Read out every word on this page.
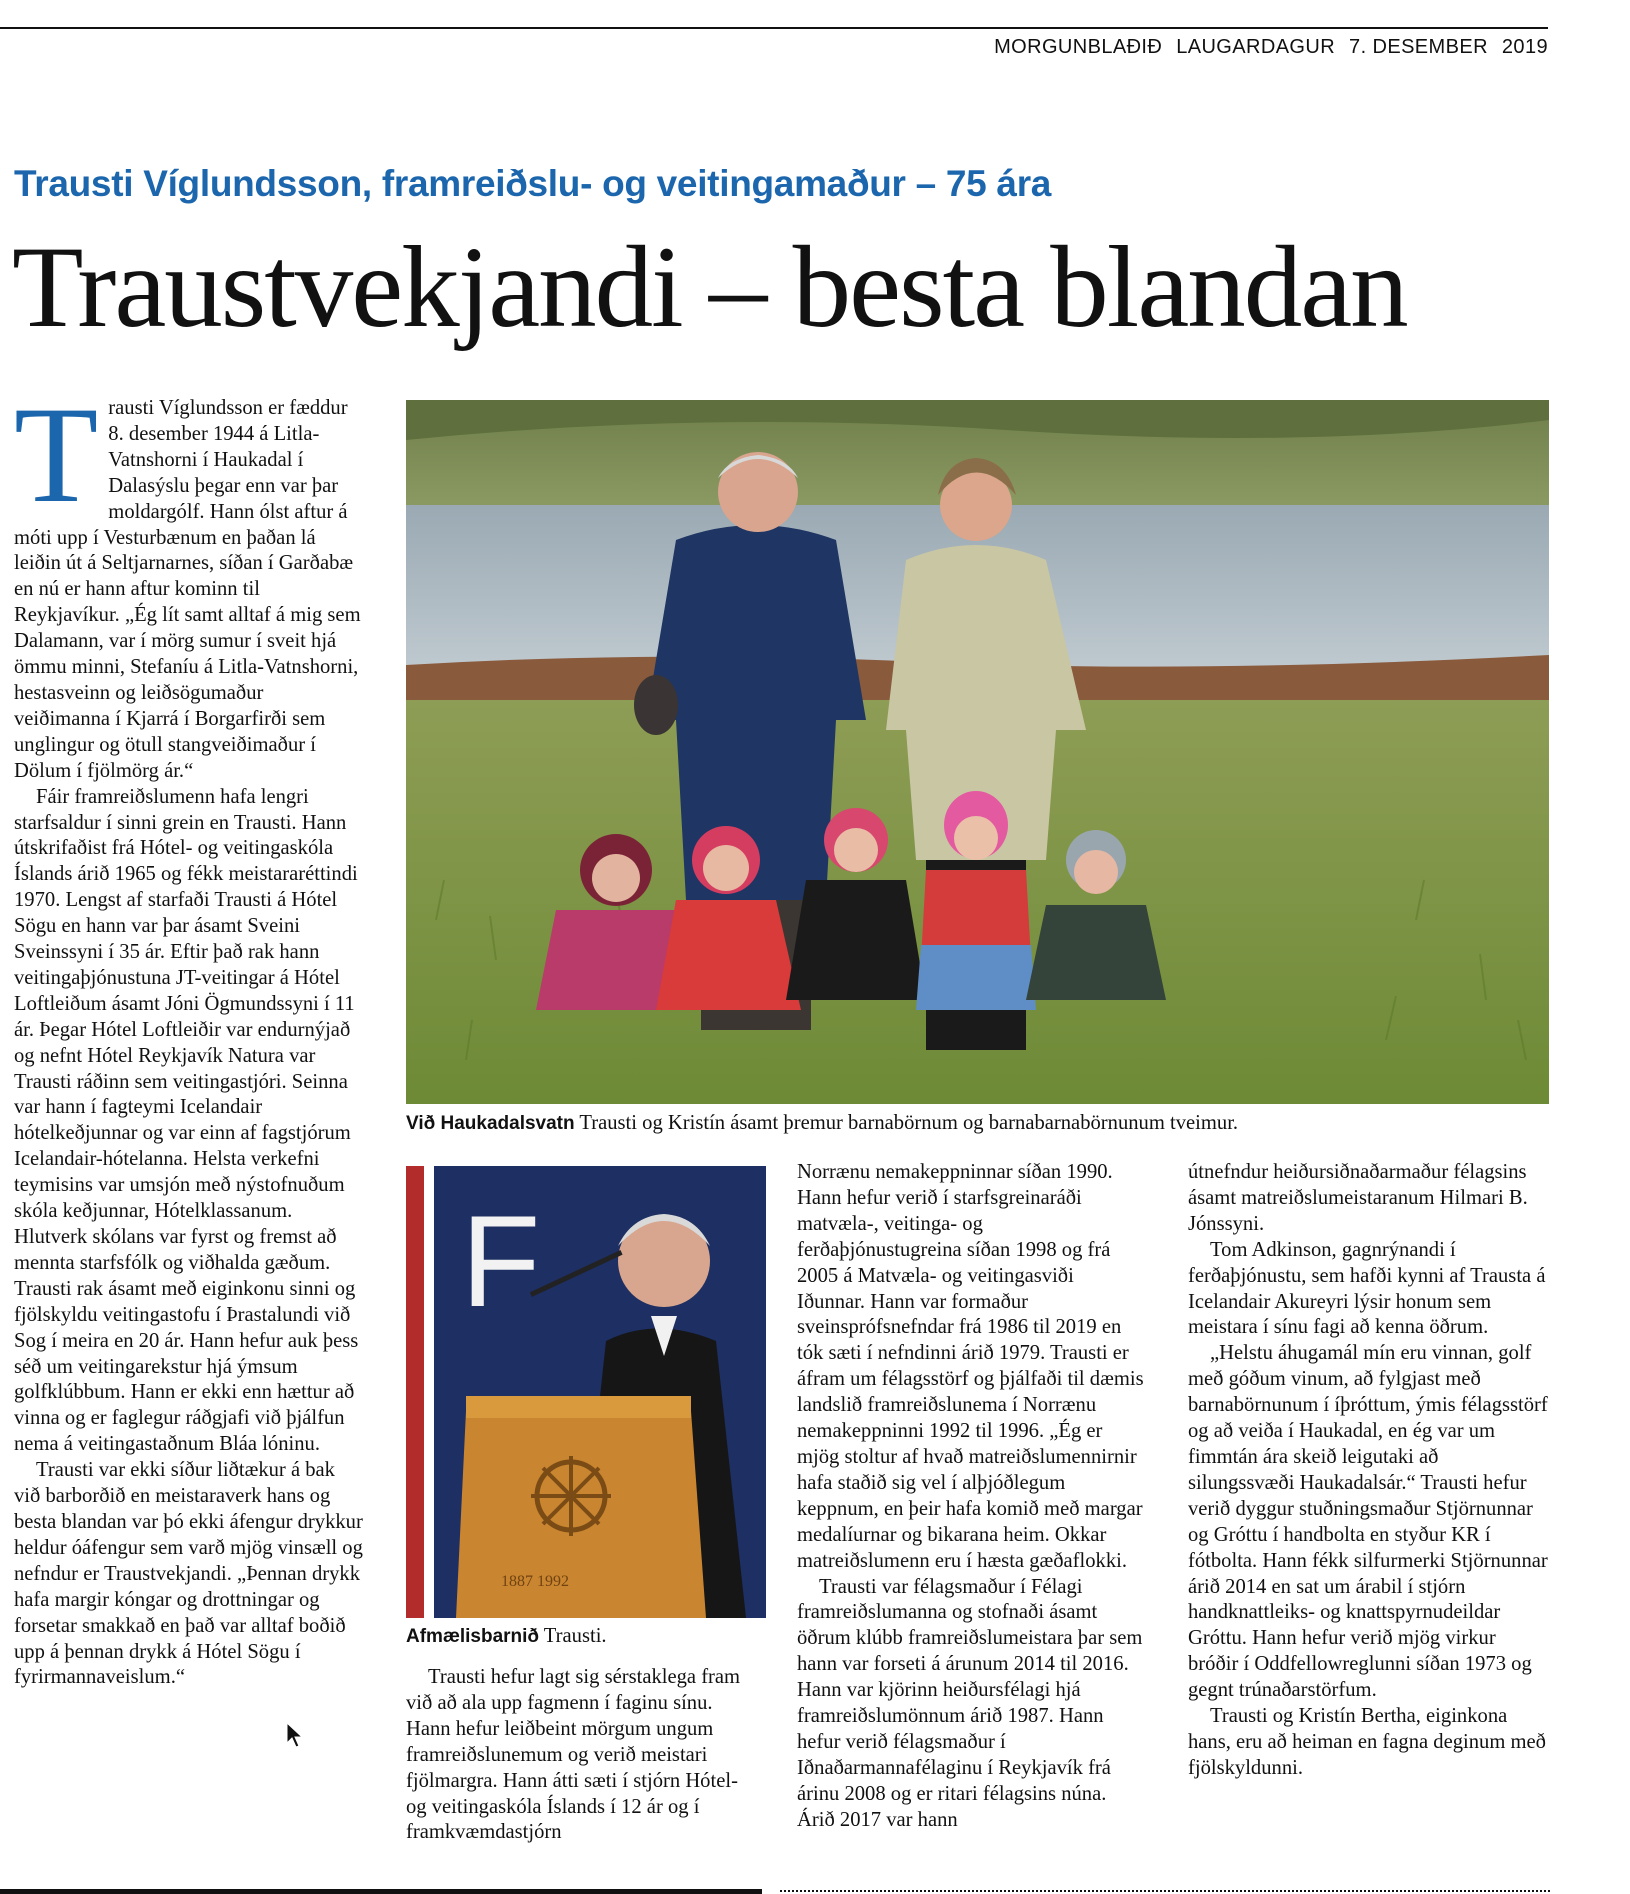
MORGUNBLAÐIÐ LAUGARDAGUR 7. DESEMBER 2019
Trausti Víglundsson, framreiðslu- og veitingamaður – 75 ára
Traustvekjandi – besta blandan

Trausti Víglundsson er fæddur 8. desember 1944 á Litla-Vatnshorni í Haukadal í Dalasýslu þegar enn var þar moldargólf. Hann ólst aftur á móti upp í Vesturbænum en þaðan lá leiðin út á Seltjarnarnes, síðan í Garðabæ en nú er hann aftur kominn til Reykjavíkur. „Ég lít samt alltaf á mig sem Dalamann, var í mörg sumur í sveit hjá ömmu minni, Stefaníu á Litla-Vatnshorni, hestasveinn og leiðsögumaður veiðimanna í Kjarrá í Borgarfirði sem unglingur og ötull stangveiðimaður í Dölum í fjölmörg ár.“

Fáir framreiðslumenn hafa lengri starfsaldur í sinni grein en Trausti. Hann útskrifaðist frá Hótel- og veitingaskóla Íslands árið 1965 og fékk meistararéttindi 1970. Lengst af starfaði Trausti á Hótel Sögu en hann var þar ásamt Sveini Sveinssyni í 35 ár. Eftir það rak hann veitingaþjónustuna JT-veitingar á Hótel Loftleiðum ásamt Jóni Ögmundssyni í 11 ár. Þegar Hótel Loftleiðir var endurnýjað og nefnt Hótel Reykjavík Natura var Trausti ráðinn sem veitingastjóri. Seinna var hann í fagteymi Icelandair hótelkeðjunnar og var einn af fagstjórum Icelandair-hótelanna. Helsta verkefni teymisins var umsjón með nýstofnuðum skóla keðjunnar, Hótelklassanum. Hlutverk skólans var fyrst og fremst að mennta starfsfólk og viðhalda gæðum. Trausti rak ásamt með eiginkonu sinni og fjölskyldu veitingastofu í Þrastalundi við Sog í meira en 20 ár. Hann hefur auk þess séð um veitingarekstur hjá ýmsum golfklúbbum. Hann er ekki enn hættur að vinna og er faglegur ráðgjafi við þjálfun nema á veitingastaðnum Bláa lóninu.

Trausti var ekki síður liðtækur á bak við barborðið en meistaraverk hans og besta blandan var þó ekki áfengur drykkur heldur óáfengur sem varð mjög vinsæll og nefndur er Traustvekjandi. „Þennan drykk hafa margir kóngar og drottningar og forsetar smakkað en það var alltaf boðið upp á þennan drykk á Hótel Sögu í fyrirmannaveislum.“

Við Haukadalsvatn Trausti og Kristín ásamt þremur barnabörnum og barnabarnabörnunum tveimur.
F
1887 1992
Afmælisbarnið Trausti.

Trausti hefur lagt sig sérstaklega fram við að ala upp fagmenn í faginu sínu. Hann hefur leiðbeint mörgum ungum framreiðslunemum og verið meistari fjölmargra. Hann átti sæti í stjórn Hótel- og veitingaskóla Íslands í 12 ár og í framkvæmdastjórn

Norrænu nemakeppninnar síðan 1990. Hann hefur verið í starfsgreinaráði matvæla-, veitinga- og ferðaþjónustugreina síðan 1998 og frá 2005 á Matvæla- og veitingasviði Iðunnar. Hann var formaður sveinsprófsnefndar frá 1986 til 2019 en tók sæti í nefndinni árið 1979. Trausti er áfram um félagsstörf og þjálfaði til dæmis landslið framreiðslunema í Norrænu nemakeppninni 1992 til 1996. „Ég er mjög stoltur af hvað matreiðslumennirnir hafa staðið sig vel í alþjóðlegum keppnum, en þeir hafa komið með margar medalíurnar og bikarana heim. Okkar matreiðslumenn eru í hæsta gæðaflokki.

Trausti var félagsmaður í Félagi framreiðslumanna og stofnaði ásamt öðrum klúbb framreiðslumeistara þar sem hann var forseti á árunum 2014 til 2016. Hann var kjörinn heiðursfélagi hjá framreiðslumönnum árið 1987. Hann hefur verið félagsmaður í Iðnaðarmannafélaginu í Reykjavík frá árinu 2008 og er ritari félagsins núna. Árið 2017 var hann

útnefndur heiðursiðnaðarmaður félagsins ásamt matreiðslumeistaranum Hilmari B. Jónssyni.

Tom Adkinson, gagnrýnandi í ferðaþjónustu, sem hafði kynni af Trausta á Icelandair Akureyri lýsir honum sem meistara í sínu fagi að kenna öðrum.

„Helstu áhugamál mín eru vinnan, golf með góðum vinum, að fylgjast með barnabörnunum í íþróttum, ýmis félagsstörf og að veiða í Haukadal, en ég var um fimmtán ára skeið leigutaki að silungssvæði Haukadalsár.“ Trausti hefur verið dyggur stuðningsmaður Stjörnunnar og Gróttu í handbolta en styður KR í fótbolta. Hann fékk silfurmerki Stjörnunnar árið 2014 en sat um árabil í stjórn handknattleiks- og knattspyrnudeildar Gróttu. Hann hefur verið mjög virkur bróðir í Oddfellowreglunni síðan 1973 og gegnt trúnaðarstörfum.

Trausti og Kristín Bertha, eiginkona hans, eru að heiman en fagna deginum með fjölskyldunni.
